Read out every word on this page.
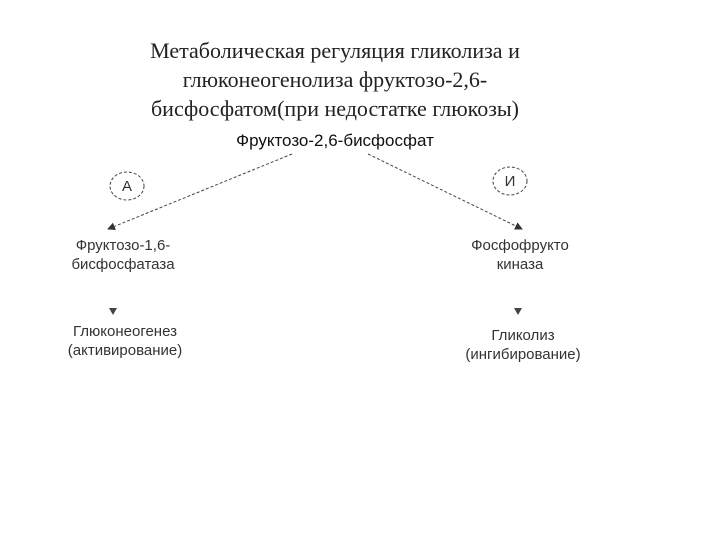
Метаболическая регуляция гликолиза и
глюконеогенолиза фруктозо-2,6-
бисфосфатом(при недостатке глюкозы)
Фруктозо-2,6-бисфосфат
А	И
Фруктозо-1,6-
бисфосфатаза
Фосфофрукто
киназа
Глюконеогенез
(активирование)
Гликолиз
(ингибирование)
